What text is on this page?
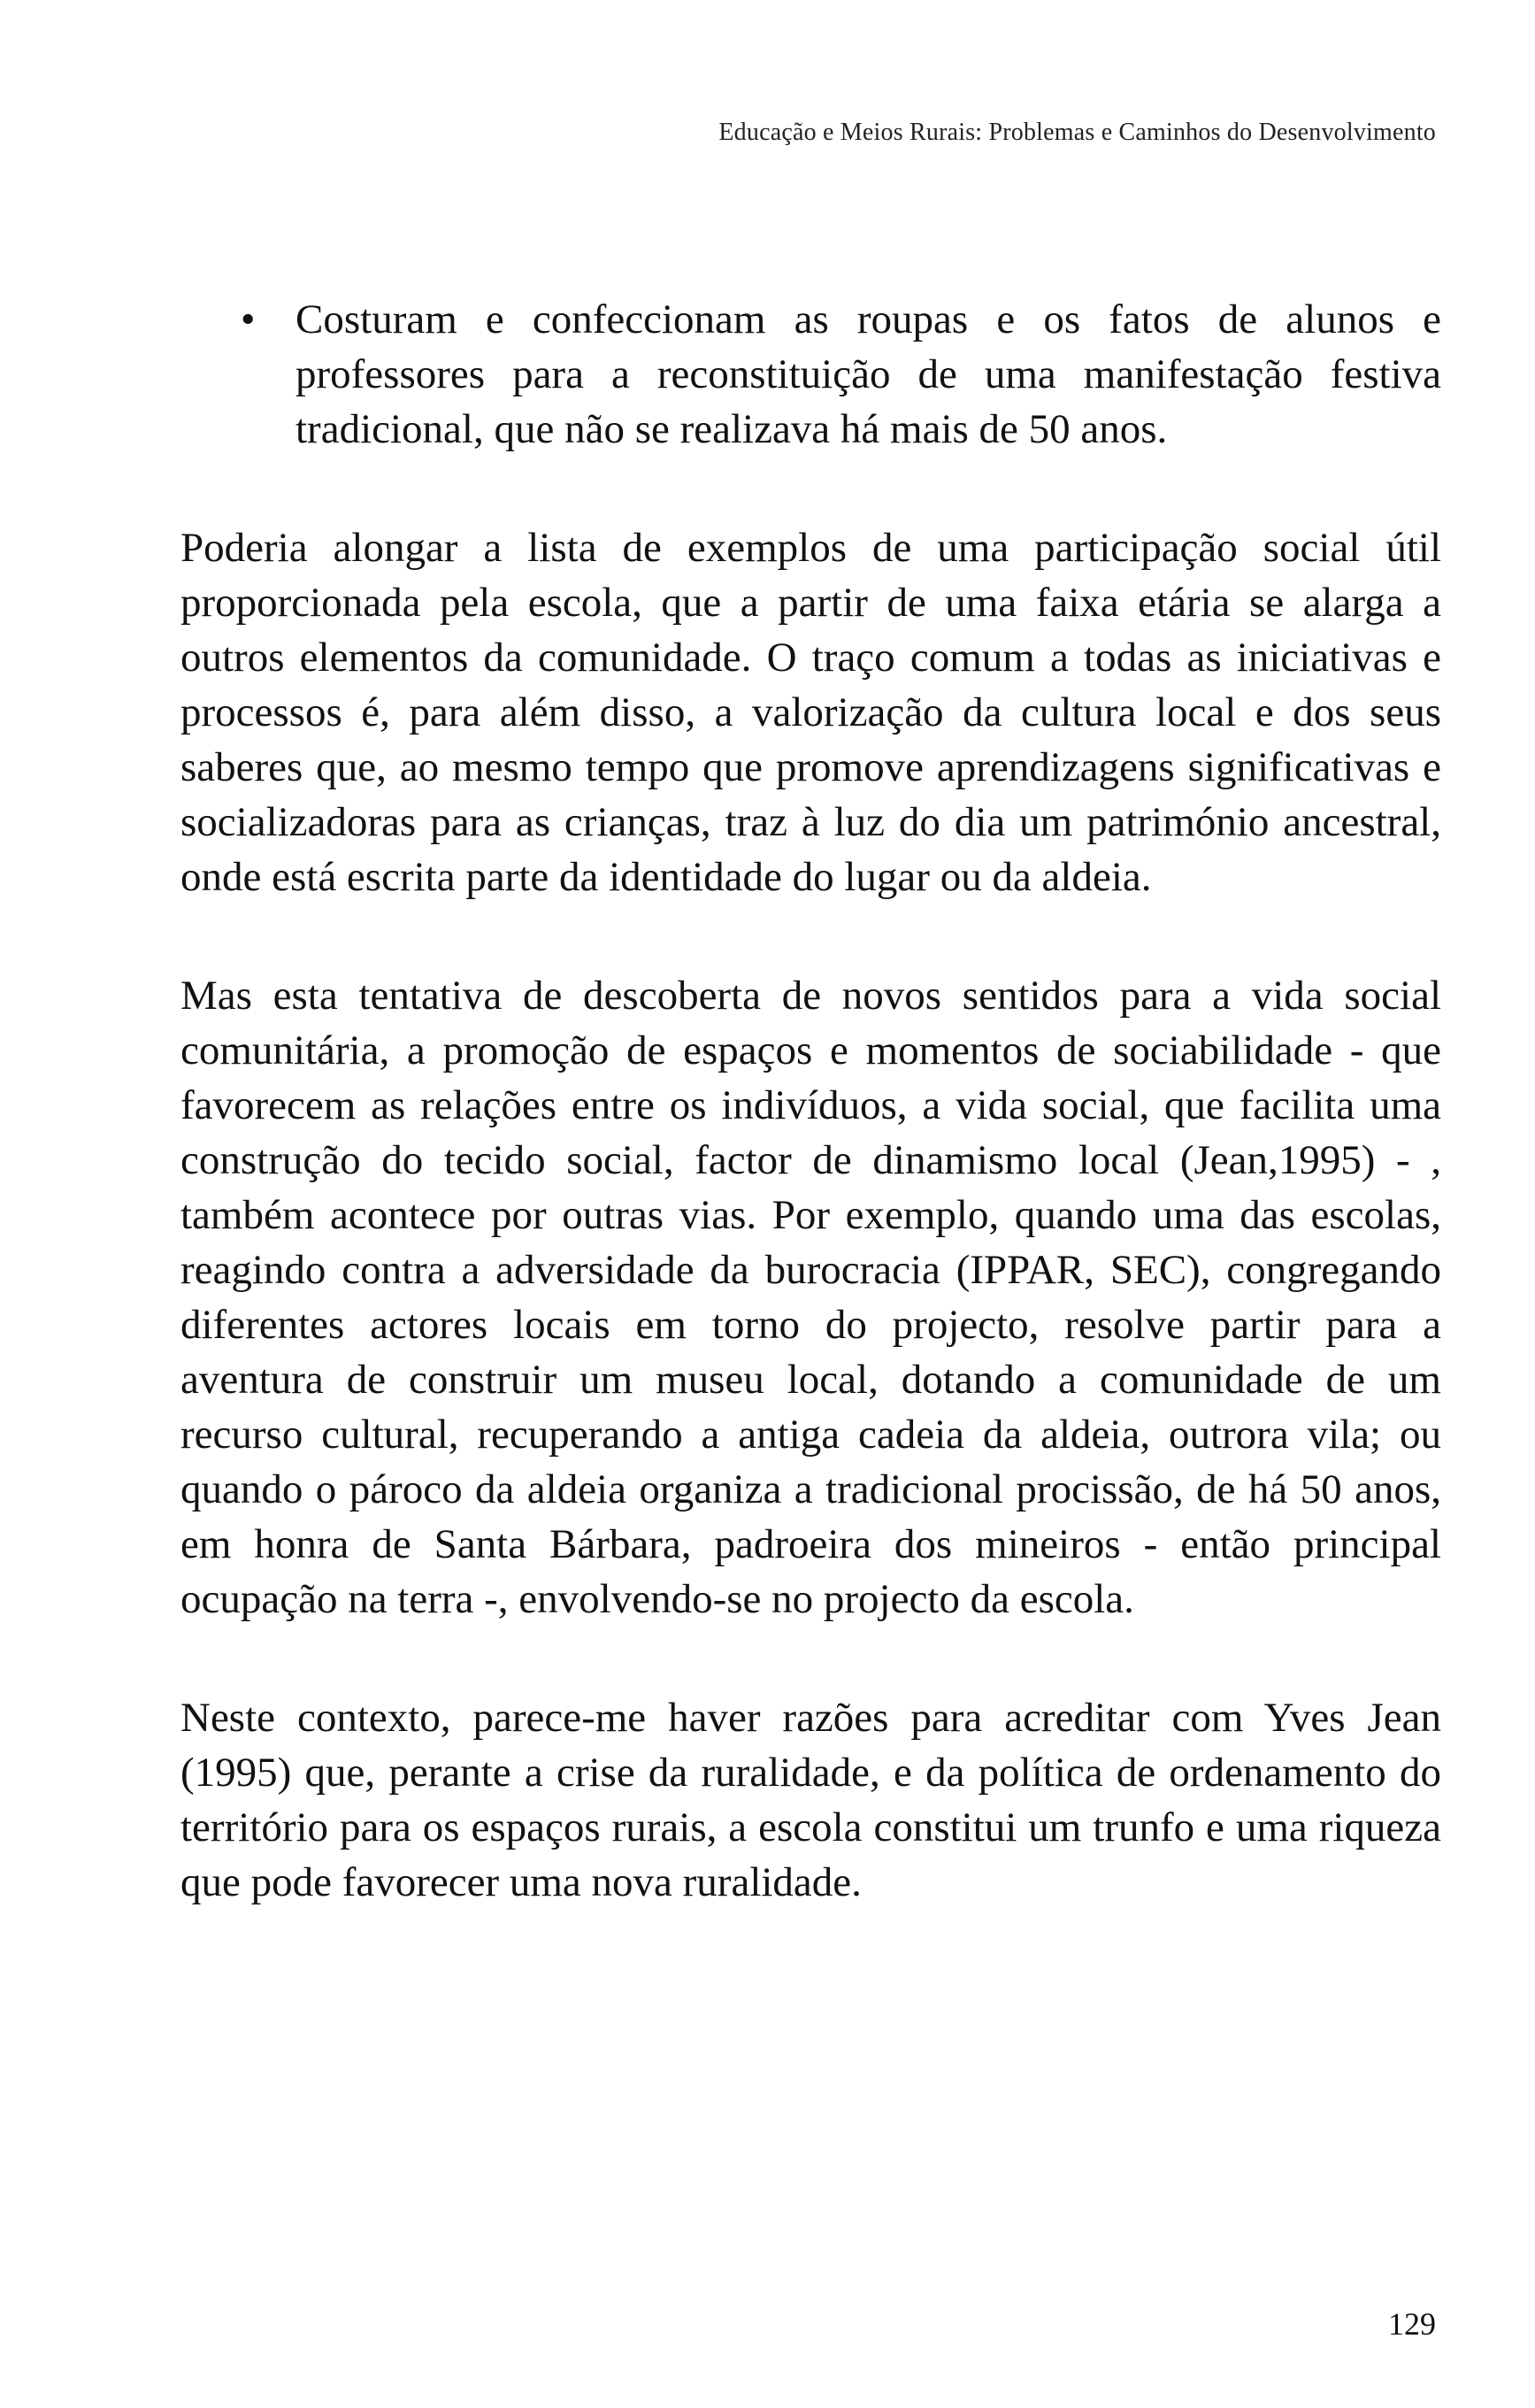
Educação e Meios Rurais: Problemas e Caminhos do Desenvolvimento
• Costuram e confeccionam as roupas e os fatos de alunos e professores para a reconstituição de uma manifestação festiva tradicional, que não se realizava há mais de 50 anos.

Poderia alongar a lista de exemplos de uma participação social útil proporcionada pela escola, que a partir de uma faixa etária se alarga a outros elementos da comunidade. O traço comum a todas as iniciativas e processos é, para além disso, a valorização da cultura local e dos seus saberes que, ao mesmo tempo que promove aprendizagens significativas e socializadoras para as crianças, traz à luz do dia um património ancestral, onde está escrita parte da identidade do lugar ou da aldeia.

Mas esta tentativa de descoberta de novos sentidos para a vida social comunitária, a promoção de espaços e momentos de sociabilidade - que favorecem as relações entre os indivíduos, a vida social, que facilita uma construção do tecido social, factor de dinamismo local (Jean,1995) - , também acontece por outras vias. Por exemplo, quando uma das escolas, reagindo contra a adversidade da burocracia (IPPAR, SEC), congregando diferentes actores locais em torno do projecto, resolve partir para a aventura de construir um museu local, dotando a comunidade de um recurso cultural, recuperando a antiga cadeia da aldeia, outrora vila; ou quando o pároco da aldeia organiza a tradicional procissão, de há 50 anos, em honra de Santa Bárbara, padroeira dos mineiros - então principal ocupação na terra -, envolvendo-se no projecto da escola.

Neste contexto, parece-me haver razões para acreditar com Yves Jean (1995) que, perante a crise da ruralidade, e da política de ordenamento do território para os espaços rurais, a escola constitui um trunfo e uma riqueza que pode favorecer uma nova ruralidade.

129
